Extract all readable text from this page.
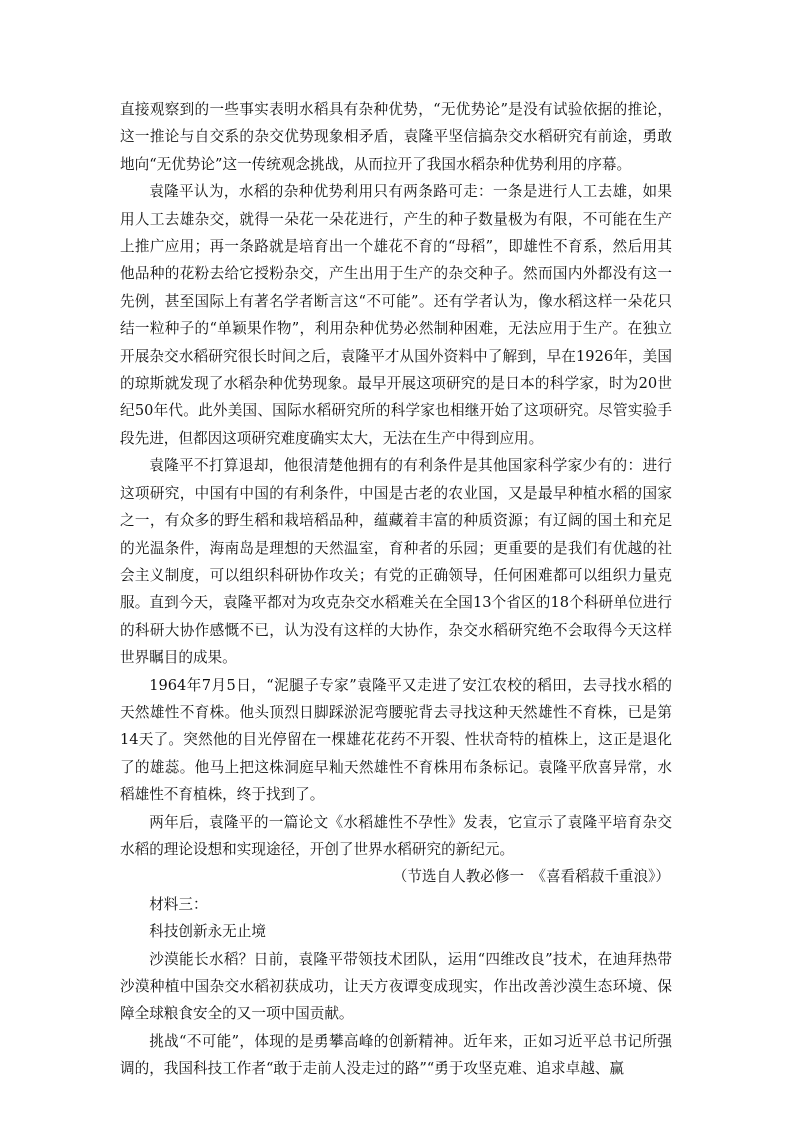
直接观察到的一些事实表明水稻具有杂种优势，“无优势论”是没有试验依据的推论，这一推论与自交系的杂交优势现象相矛盾，袁隆平坚信搞杂交水稻研究有前途，勇敢地向“无优势论”这一传统观念挑战，从而拉开了我国水稻杂种优势利用的序幕。

袁隆平认为，水稻的杂种优势利用只有两条路可走：一条是进行人工去雄，如果用人工去雄杂交，就得一朵花一朵花进行，产生的种子数量极为有限，不可能在生产上推广应用；再一条路就是培育出一个雄花不育的“母稻”，即雄性不育系，然后用其他品种的花粉去给它授粉杂交，产生出用于生产的杂交种子。然而国内外都没有这一先例，甚至国际上有著名学者断言这“不可能”。还有学者认为，像水稻这样一朵花只结一粒种子的“单颖果作物”，利用杂种优势必然制种困难，无法应用于生产。在独立开展杂交水稻研究很长时间之后，袁隆平才从国外资料中了解到，早在1926年，美国的琼斯就发现了水稻杂种优势现象。最早开展这项研究的是日本的科学家，时为20世纪50年代。此外美国、国际水稻研究所的科学家也相继开始了这项研究。尽管实验手段先进，但都因这项研究难度确实太大，无法在生产中得到应用。

袁隆平不打算退却，他很清楚他拥有的有利条件是其他国家科学家少有的：进行这项研究，中国有中国的有利条件，中国是古老的农业国，又是最早种植水稻的国家之一，有众多的野生稻和栽培稻品种，蕴藏着丰富的种质资源；有辽阔的国土和充足的光温条件，海南岛是理想的天然温室，育种者的乐园；更重要的是我们有优越的社会主义制度，可以组织科研协作攻关；有党的正确领导，任何困难都可以组织力量克服。直到今天，袁隆平都对为攻克杂交水稻难关在全国13个省区的18个科研单位进行的科研大协作感慨不已，认为没有这样的大协作，杂交水稻研究绝不会取得今天这样世界瞩目的成果。

1964年7月5日，“泥腿子专家”袁隆平又走进了安江农校的稻田，去寻找水稻的天然雄性不育株。他头顶烈日脚踩淤泥弯腰驼背去寻找这种天然雄性不育株，已是第14天了。突然他的目光停留在一棵雄花花药不开裂、性状奇特的植株上，这正是退化了的雄蕊。他马上把这株洞庭早籼天然雄性不育株用布条标记。袁隆平欣喜异常，水稻雄性不育植株，终于找到了。

两年后，袁隆平的一篇论文《水稻雄性不孕性》发表，它宣示了袁隆平培育杂交水稻的理论设想和实现途径，开创了世界水稻研究的新纪元。

（节选自人教必修一　《喜看稻菽千重浪》）

材料三：

科技创新永无止境

沙漠能长水稻？日前，袁隆平带领技术团队，运用“四维改良”技术，在迪拜热带沙漠种植中国杂交水稻初获成功，让天方夜谭变成现实，作出改善沙漠生态环境、保障全球粮食安全的又一项中国贡献。

挑战“不可能”，体现的是勇攀高峰的创新精神。近年来，正如习近平总书记所强调的，我国科技工作者“敢于走前人没走过的路”“勇于攻坚克难、追求卓越、赢
